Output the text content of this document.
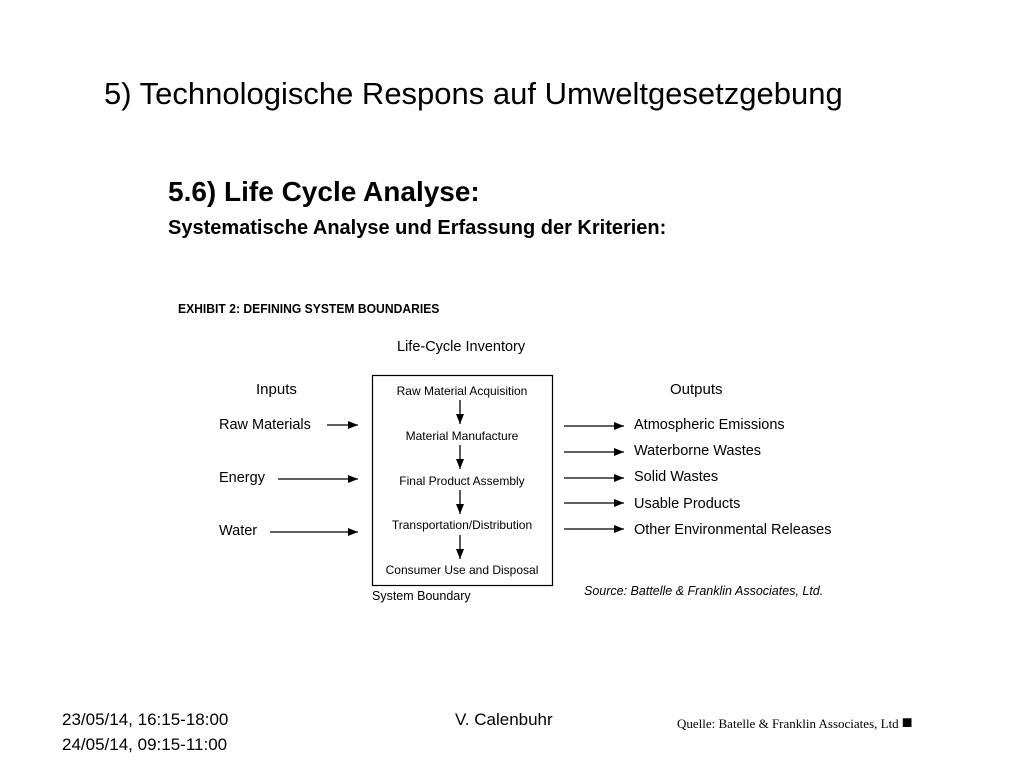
5) Technologische Respons auf Umweltgesetzgebung
5.6) Life Cycle Analyse:
Systematische Analyse und Erfassung der Kriterien:
EXHIBIT 2: DEFINING SYSTEM BOUNDARIES
Life-Cycle Inventory
Inputs	Outputs
Raw Materials
Energy
Water
Raw Material Acquisition
Material Manufacture
Final Product Assembly
Transportation/Distribution
Consumer Use and Disposal
Atmospheric Emissions
Waterborne Wastes
Solid Wastes
Usable Products
Other Environmental Releases
System Boundary	Source: Battelle & Franklin Associates, Ltd.
23/05/14, 16:15-18:00
24/05/14, 09:15-11:00
V. Calenbuhr	Quelle: Batelle & Franklin Associates, Ltd ■
